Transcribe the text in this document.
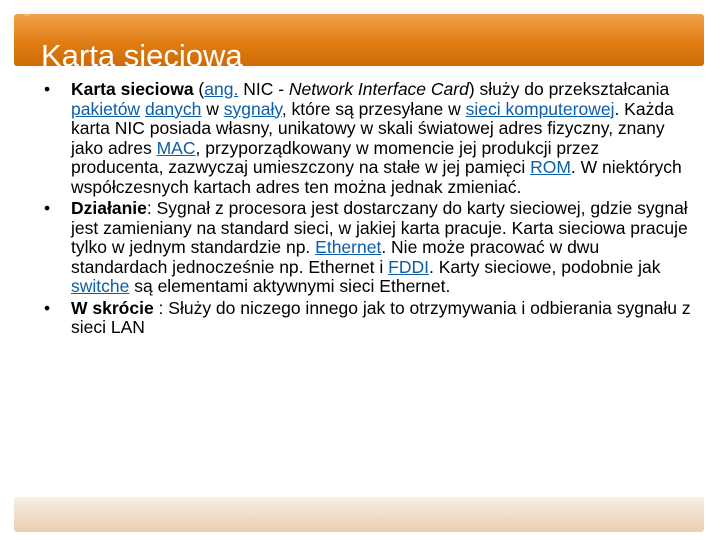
▪▪
Karta sieciowa
•	Karta sieciowa (ang. NIC - Network Interface Card) służy do przekształcania pakietów danych w sygnały, które są przesyłane w sieci komputerowej. Każda karta NIC posiada własny, unikatowy w skali światowej adres fizyczny, znany jako adres MAC, przyporządkowany w momencie jej produkcji przez producenta, zazwyczaj umieszczony na stałe w jej pamięci ROM. W niektórych współczesnych kartach adres ten można jednak zmieniać.
•	Działanie: Sygnał z procesora jest dostarczany do karty sieciowej, gdzie sygnał jest zamieniany na standard sieci, w jakiej karta pracuje. Karta sieciowa pracuje tylko w jednym standardzie np. Ethernet. Nie może pracować w dwu standardach jednocześnie np. Ethernet i FDDI. Karty sieciowe, podobnie jak switche są elementami aktywnymi sieci Ethernet.
•	W skrócie : Służy do niczego innego jak to otrzymywania i odbierania sygnału z sieci LAN
